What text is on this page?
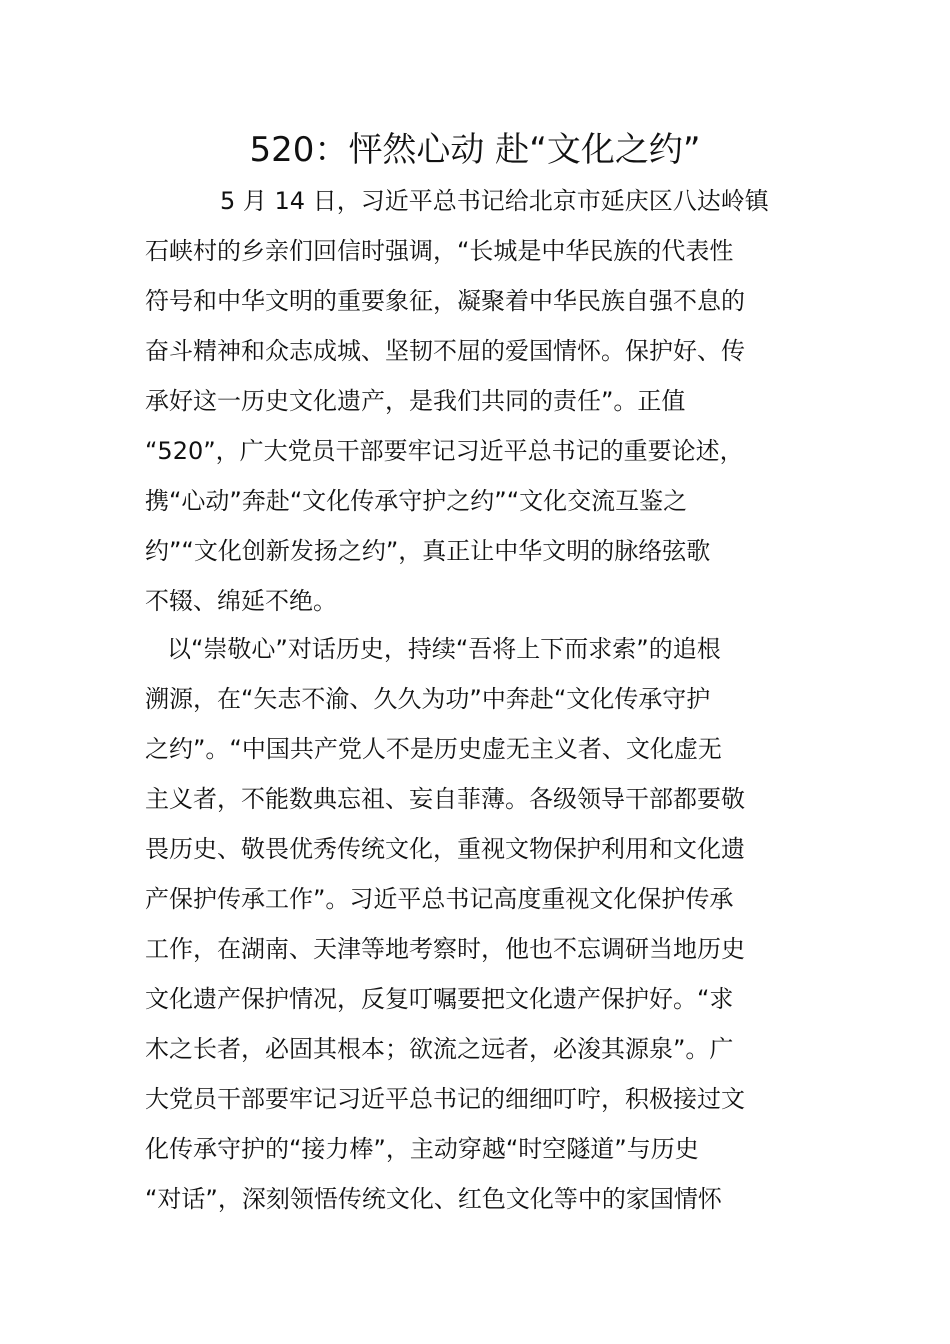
520：怦然心动 赴“文化之约”
5 月 14 日，习近平总书记给北京市延庆区八达岭镇
石峡村的乡亲们回信时强调，“长城是中华民族的代表性
符号和中华文明的重要象征，凝聚着中华民族自强不息的
奋斗精神和众志成城、坚韧不屈的爱国情怀。保护好、传
承好这一历史文化遗产，是我们共同的责任”。正值
“520”，广大党员干部要牢记习近平总书记的重要论述，
携“心动”奔赴“文化传承守护之约”“文化交流互鉴之
约”“文化创新发扬之约”，真正让中华文明的脉络弦歌
不辍、绵延不绝。
以“崇敬心”对话历史，持续“吾将上下而求索”的追根
溯源，在“矢志不渝、久久为功”中奔赴“文化传承守护
之约”。“中国共产党人不是历史虚无主义者、文化虚无
主义者，不能数典忘祖、妄自菲薄。各级领导干部都要敬
畏历史、敬畏优秀传统文化，重视文物保护利用和文化遗
产保护传承工作”。习近平总书记高度重视文化保护传承
工作，在湖南、天津等地考察时，他也不忘调研当地历史
文化遗产保护情况，反复叮嘱要把文化遗产保护好。“求
木之长者，必固其根本；欲流之远者，必浚其源泉”。广
大党员干部要牢记习近平总书记的细细叮咛，积极接过文
化传承守护的“接力棒”，主动穿越“时空隧道”与历史
“对话”，深刻领悟传统文化、红色文化等中的家国情怀
